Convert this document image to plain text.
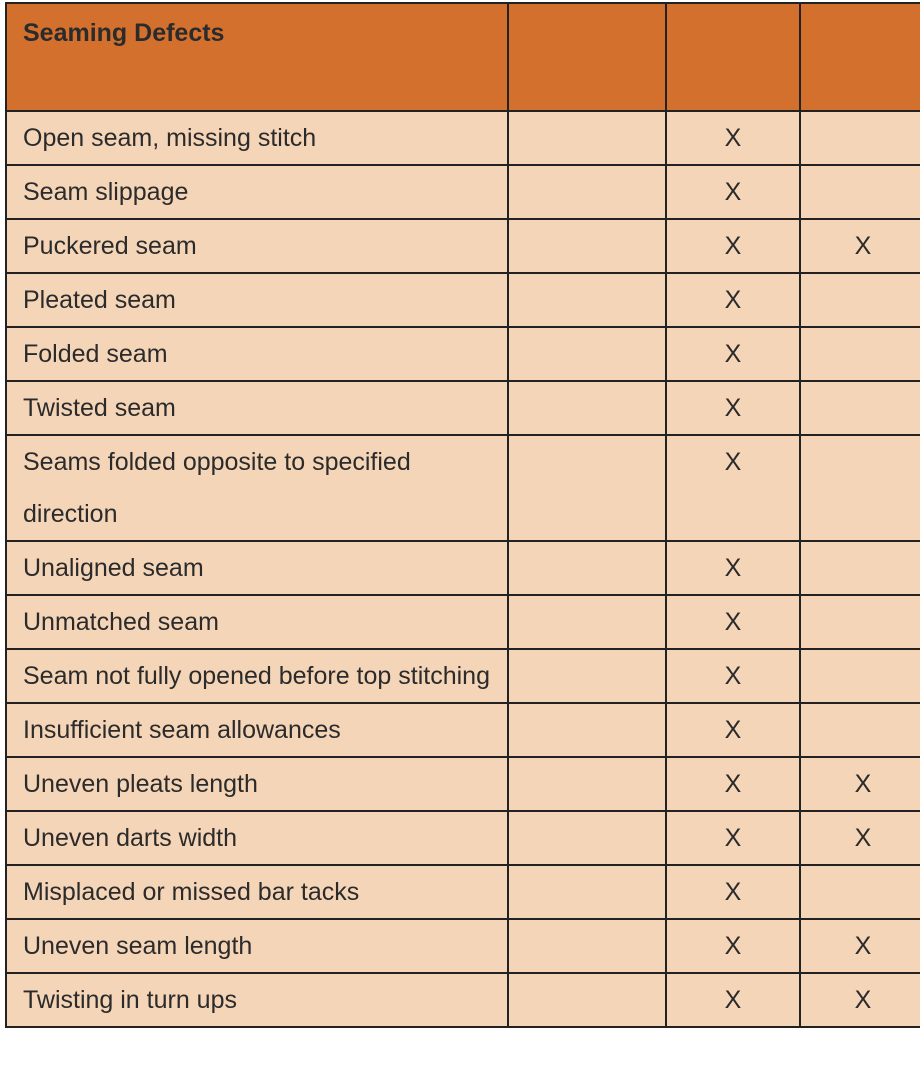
Seaming Defects			
Open seam, missing stitch		X	
Seam slippage		X	
Puckered seam		X	X
Pleated seam		X	
Folded seam		X	
Twisted seam		X	
Seams folded opposite to specified direction		X	
Unaligned seam		X	
Unmatched seam		X	
Seam not fully opened before top stitching		X	
Insufficient seam allowances		X	
Uneven pleats length		X	X
Uneven darts width		X	X
Misplaced or missed bar tacks		X	
Uneven seam length		X	X
Twisting in turn ups		X	X
